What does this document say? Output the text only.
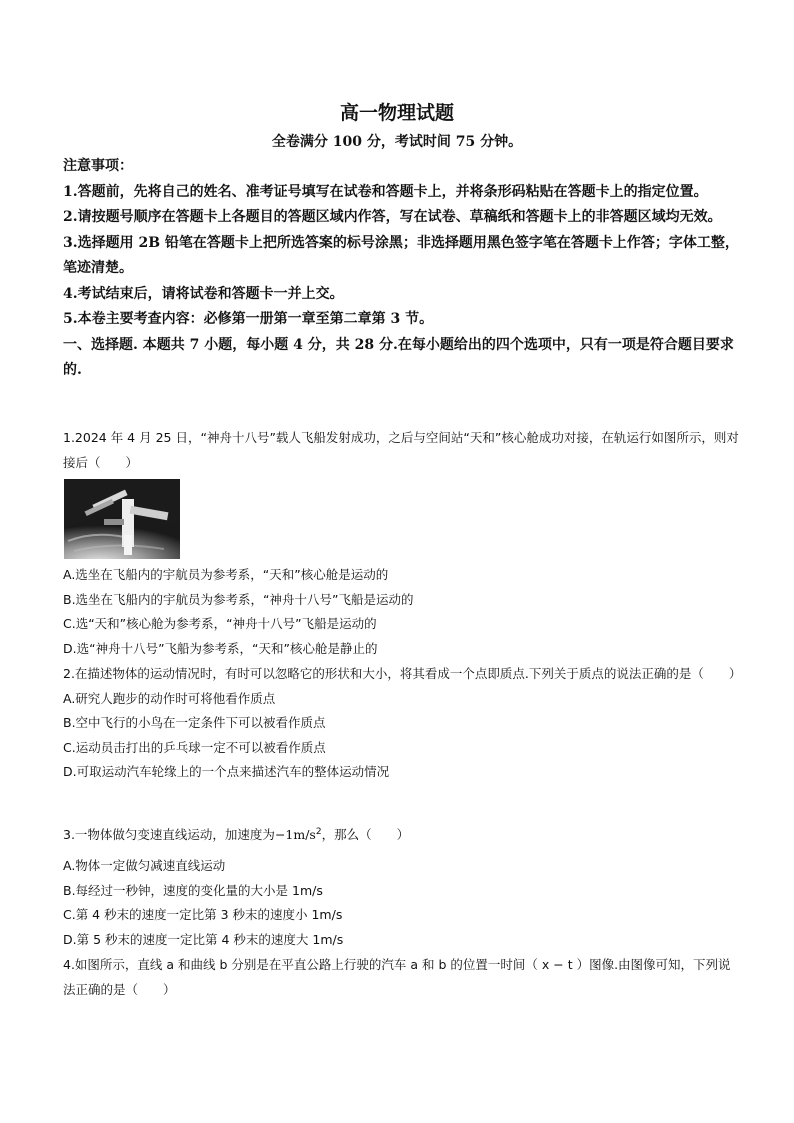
高一物理试题
全卷满分 100 分，考试时间 75 分钟。

注意事项：

1.答题前，先将自己的姓名、准考证号填写在试卷和答题卡上，并将条形码粘贴在答题卡上的指定位置。

2.请按题号顺序在答题卡上各题目的答题区域内作答，写在试卷、草稿纸和答题卡上的非答题区域均无效。

3.选择题用 2B 铅笔在答题卡上把所选答案的标号涂黑；非选择题用黑色签字笔在答题卡上作答；字体工整，笔迹清楚。

4.考试结束后，请将试卷和答题卡一并上交。

5.本卷主要考查内容：必修第一册第一章至第二章第 3 节。

一、选择题. 本题共 7 小题，每小题 4 分，共 28 分.在每小题给出的四个选项中，只有一项是符合题目要求的.

1.2024 年 4 月 25 日，“神舟十八号”载人飞船发射成功，之后与空间站“天和”核心舱成功对接，在轨运行如图所示，则对接后（　　）

A.选坐在飞船内的宇航员为参考系，“天和”核心舱是运动的

B.选坐在飞船内的宇航员为参考系，“神舟十八号”飞船是运动的

C.选“天和”核心舱为参考系，“神舟十八号”飞船是运动的

D.选“神舟十八号”飞船为参考系，“天和”核心舱是静止的

2.在描述物体的运动情况时，有时可以忽略它的形状和大小，将其看成一个点即质点.下列关于质点的说法正确的是（　　）

A.研究人跑步的动作时可将他看作质点

B.空中飞行的小鸟在一定条件下可以被看作质点

C.运动员击打出的乒乓球一定不可以被看作质点

D.可取运动汽车轮缘上的一个点来描述汽车的整体运动情况

3.一物体做匀变速直线运动，加速度为$-1m/s^2$，那么（　　）

A.物体一定做匀减速直线运动

B.每经过一秒钟，速度的变化量的大小是 1m/s

C.第 4 秒末的速度一定比第 3 秒末的速度小 1m/s

D.第 5 秒末的速度一定比第 4 秒末的速度大 1m/s

4.如图所示，直线 a 和曲线 b 分别是在平直公路上行驶的汽车 a 和 b 的位置一时间（ x − t ）图像.由图像可知，下列说法正确的是（　　）
